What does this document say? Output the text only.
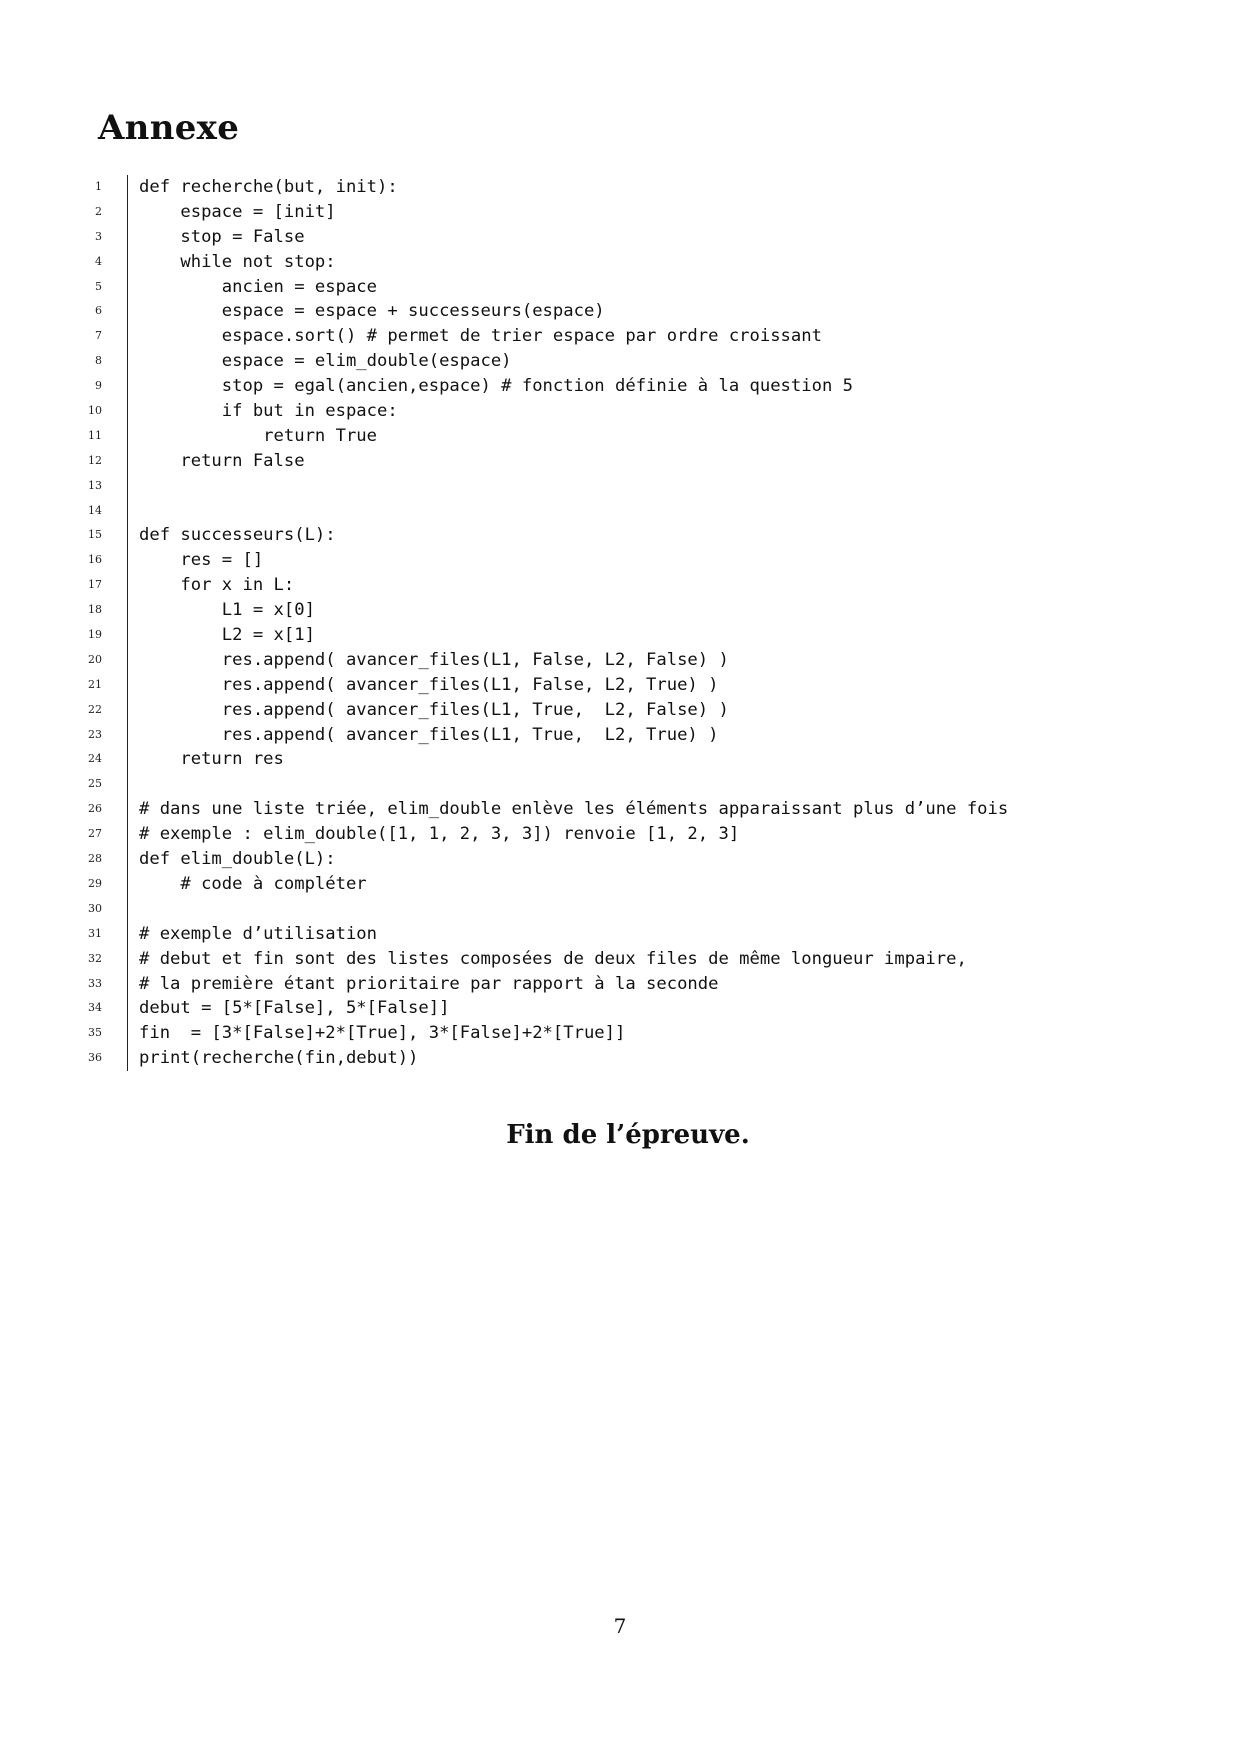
Annexe
1 def recherche(but, init):
2 espace = [init]
3 stop = False
4 while not stop:
5 ancien = espace
6 espace = espace + successeurs(espace)
7 espace.sort() # permet de trier espace par ordre croissant
8 espace = elim_double(espace)
9 stop = egal(ancien,espace) # fonction définie à la question 5
10 if but in espace:
11 return True
12 return False
13
14
15 def successeurs(L):
16 res = []
17 for x in L:
18 L1 = x[0]
19 L2 = x[1]
20 res.append( avancer_files(L1, False, L2, False) )
21 res.append( avancer_files(L1, False, L2, True) )
22 res.append( avancer_files(L1, True,  L2, False) )
23 res.append( avancer_files(L1, True,  L2, True) )
24 return res
25
26 # dans une liste triée, elim_double enlève les éléments apparaissant plus d’une fois
27 # exemple : elim_double([1, 1, 2, 3, 3]) renvoie [1, 2, 3]
28 def elim_double(L):
29 # code à compléter
30
31 # exemple d’utilisation
32 # debut et fin sont des listes composées de deux files de même longueur impaire,
33 # la première étant prioritaire par rapport à la seconde
34 debut = [5*[False], 5*[False]]
35 fin  = [3*[False]+2*[True], 3*[False]+2*[True]]
36 print(recherche(fin,debut))

Fin de l’épreuve.

7
